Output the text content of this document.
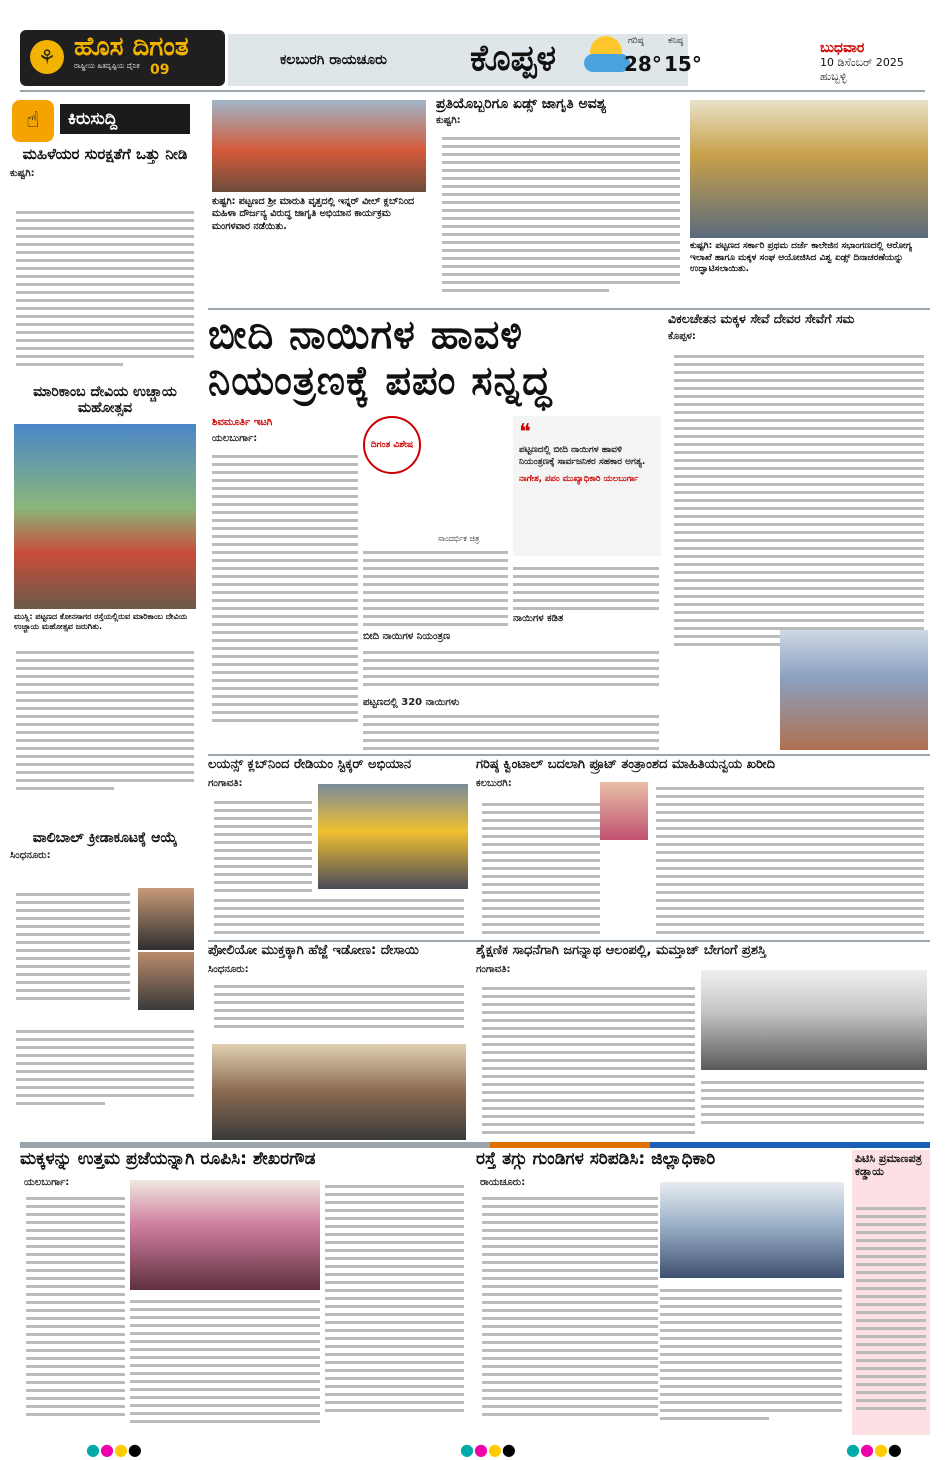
⚘ ಹೊಸ ದಿಗಂತ
ರಾಷ್ಟ್ರೀಯ ಹಿತದೃಷ್ಟಿಯ ದೈನಿಕ 09
ಕಲಬುರಗಿ ರಾಯಚೂರು ಕೊಪ್ಪಳ	ಗರಿಷ್ಠ
28°
ಕನಿಷ್ಠ
15°
ಬುಧವಾರ
10 ಡಿಸೆಂಬರ್ 2025
ಹುಬ್ಬಳ್ಳಿ
☝	ಕಿರುಸುದ್ದಿ
ಮಹಿಳೆಯರ ಸುರಕ್ಷತೆಗೆ ಒತ್ತು ನೀಡಿ
ಕುಷ್ಟಗಿ:
ಮಾರಿಕಾಂಬ ದೇವಿಯ ಉಚ್ಚಾಯ ಮಹೋತ್ಸವ
ಮುಸ್ಲಿ: ಪಟ್ಟಣದ ಕೋನಸಾಗರ ರಸ್ತೆಯಲ್ಲಿರುವ ಮಾರಿಕಾಂಬ ದೇವಿಯ ಉಚ್ಚಾಯ ಮಹೋತ್ಸವ ಜರುಗಿತು.
ವಾಲಿಬಾಲ್ ಕ್ರೀಡಾಕೂಟಕ್ಕೆ ಆಯ್ಕೆ
ಸಿಂಧನೂರು:
ಕುಷ್ಟಗಿ: ಪಟ್ಟಣದ ಶ್ರೀ ಮಾರುತಿ ವೃತ್ತದಲ್ಲಿ ಇನ್ನರ್ ವೀಲ್ ಕ್ಲಬ್‌ನಿಂದ ಮಹಿಳಾ ದೌರ್ಜನ್ಯ ವಿರುದ್ಧ ಜಾಗೃತಿ ಅಭಿಯಾನ ಕಾರ್ಯಕ್ರಮ ಮಂಗಳವಾರ ನಡೆಯಿತು.
ಪ್ರತಿಯೊಬ್ಬರಿಗೂ ಏಡ್ಸ್ ಜಾಗೃತಿ ಅವಶ್ಯ
ಕುಷ್ಟಗಿ:
ಕುಷ್ಟಗಿ: ಪಟ್ಟಣದ ಸರ್ಕಾರಿ ಪ್ರಥಮ ದರ್ಜೆ ಕಾಲೇಜಿನ ಸಭಾಂಗಣದಲ್ಲಿ ಆರೋಗ್ಯ ಇಲಾಖೆ ಹಾಗೂ ಮಕ್ಕಳ ಸಂಘ ಆಯೋಜಿಸಿದ ವಿಶ್ವ ಏಡ್ಸ್ ದಿನಾಚರಣೆಯನ್ನು ಉದ್ಘಾಟಿಸಲಾಯಿತು.
ಬೀದಿ ನಾಯಿಗಳ ಹಾವಳಿ
ನಿಯಂತ್ರಣಕ್ಕೆ ಪಪಂ ಸನ್ನದ್ಧ
ಶಿವಮೂರ್ತಿ ಇಟಗಿ
ಯಲಬುರ್ಗಾ:
ದಿಗಂತ ವಿಶೇಷ
ಸಾಂದರ್ಭಿಕ ಚಿತ್ರ
❝
ಪಟ್ಟಣದಲ್ಲಿ ಬೀದಿ ನಾಯಿಗಳ ಹಾವಳಿ ನಿಯಂತ್ರಣಕ್ಕೆ ಸಾರ್ವಜನಿಕರ ಸಹಕಾರ ಅಗತ್ಯ.
ನಾಗೇಶ, ಪಪಂ ಮುಖ್ಯಾಧಿಕಾರಿ ಯಲಬುರ್ಗಾ
ಬೀದಿ ನಾಯಿಗಳ ನಿಯಂತ್ರಣ
ನಾಯಿಗಳ ಕಡಿತ
ಪಟ್ಟಣದಲ್ಲಿ 320 ನಾಯಿಗಳು
ವಿಕಲಚೇತನ ಮಕ್ಕಳ ಸೇವೆ ದೇವರ ಸೇವೆಗೆ ಸಮ
ಕೊಪ್ಪಳ:
ಲಯನ್ಸ್ ಕ್ಲಬ್‌ನಿಂದ ರೇಡಿಯಂ ಸ್ಟಿಕ್ಕರ್ ಅಭಿಯಾನ
ಗಂಗಾವತಿ:
ಗರಿಷ್ಠ ಕ್ವಿಂಟಾಲ್ ಬದಲಾಗಿ ಪ್ರೂಟ್ ತಂತ್ರಾಂಶದ ಮಾಹಿತಿಯನ್ವಯ ಖರೀದಿ
ಕಲಬುರಗಿ:
ಪೋಲಿಯೋ ಮುಕ್ತಕ್ಕಾಗಿ ಹೆಜ್ಜೆ ಇಡೋಣ: ದೇಸಾಯಿ
ಸಿಂಧನೂರು:
ಶೈಕ್ಷಣಿಕ ಸಾಧನೆಗಾಗಿ ಜಗನ್ನಾಥ ಆಲಂಪಲ್ಲಿ, ಮಮ್ತಾಜ್ ಬೇಗಂಗೆ ಪ್ರಶಸ್ತಿ
ಗಂಗಾವತಿ:
ಮಕ್ಕಳನ್ನು ಉತ್ತಮ ಪ್ರಜೆಯನ್ನಾಗಿ ರೂಪಿಸಿ: ಶೇಖರಗೌಡ
ಯಲಬುರ್ಗಾ:
ರಸ್ತೆ ತಗ್ಗು ಗುಂಡಿಗಳ ಸರಿಪಡಿಸಿ: ಜಿಲ್ಲಾಧಿಕಾರಿ
ರಾಯಚೂರು:
ಪಿಟಿಸಿ ಪ್ರಮಾಣಪತ್ರ ಕಡ್ಡಾಯ
●●●●	●●●●	●●●●
